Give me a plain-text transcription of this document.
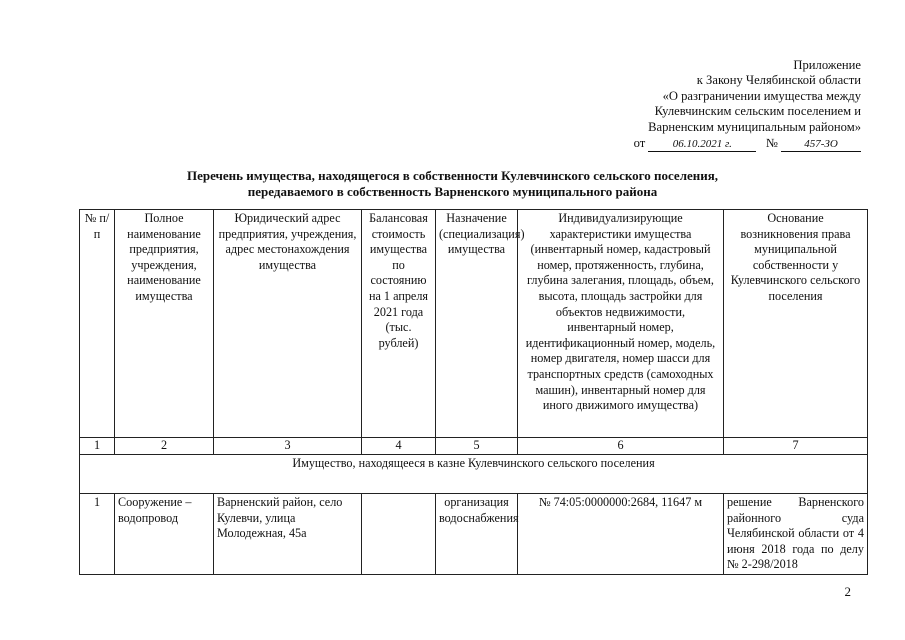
Приложение
к Закону Челябинской области
«О разграничении имущества между
Кулевчинским сельским поселением и
Варненским муниципальным районом»
от	06.10.2021 г.	№ 457-ЗО
Перечень имущества, находящегося в собственности Кулевчинского сельского поселения,
передаваемого в собственность Варненского муниципального района
№ п/п	Полное наименование предприятия, учреждения, наименование имущества	Юридический адрес предприятия, учреждения, адрес местонахождения имущества	Балансовая стоимость имущества по состоянию на 1 апреля 2021 года (тыс. рублей)	Назначение (специализация) имущества	Индивидуализирующие характеристики имущества (инвентарный номер, кадастровый номер, протяженность, глубина, глубина залегания, площадь, объем, высота, площадь застройки для объектов недвижимости, инвентарный номер, идентификационный номер, модель, номер двигателя, номер шасси для транспортных средств (самоходных машин), инвентарный номер для иного движимого имущества)	Основание возникновения права муниципальной собственности у Кулевчинского сельского поселения
1	2	3	4	5	6	7
Имущество, находящееся в казне Кулевчинского сельского поселения						
1	Сооружение – водопровод	Варненский район, село Кулевчи, улица Молодежная, 45а		организация водоснабжения	№ 74:05:0000000:2684, 11647 м	решение Варненского районного суда Челябинской области от 4 июня 2018 года по делу № 2-298/2018
2
